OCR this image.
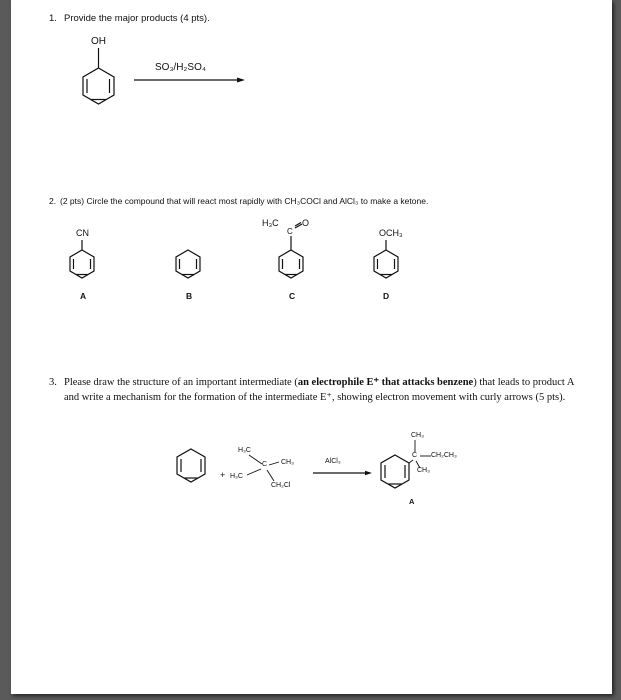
1. Provide the major products (4 pts).
OH
SO₃/H₂SO₄
2. (2 pts) Circle the compound that will react most rapidly with CH₃COCl and AlCl₃ to make a ketone.
CN
H₃C
C
O
OCH₃
A	B	C	D
3. Please draw the structure of an important intermediate (an electrophile E⁺ that attacks benzene) that leads to product A and write a mechanism for the formation of the intermediate E⁺, showing electron movement with curly arrows (5 pts).
+
H₃C
C CH₃
H₃C
CH₂Cl
AlCl₃
CH₃
C CH₂CH₃
CH₃
A
